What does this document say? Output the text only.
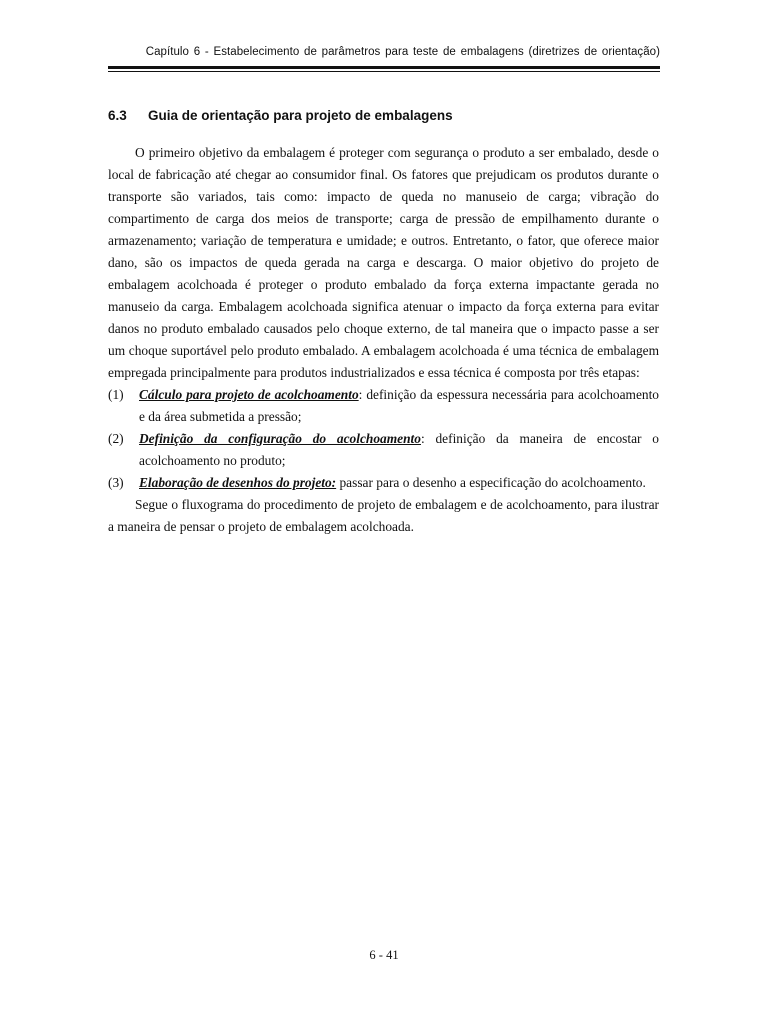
Capítulo 6 - Estabelecimento de parâmetros para teste de embalagens (diretrizes de orientação)
6.3 Guia de orientação para projeto de embalagens

O primeiro objetivo da embalagem é proteger com segurança o produto a ser embalado, desde o local de fabricação até chegar ao consumidor final. Os fatores que prejudicam os produtos durante o transporte são variados, tais como: impacto de queda no manuseio de carga; vibração do compartimento de carga dos meios de transporte; carga de pressão de empilhamento durante o armazenamento; variação de temperatura e umidade; e outros. Entretanto, o fator, que oferece maior dano, são os impactos de queda gerada na carga e descarga. O maior objetivo do projeto de embalagem acolchoada é proteger o produto embalado da força externa impactante gerada no manuseio da carga. Embalagem acolchoada significa atenuar o impacto da força externa para evitar danos no produto embalado causados pelo choque externo, de tal maneira que o impacto passe a ser um choque suportável pelo produto embalado. A embalagem acolchoada é uma técnica de embalagem empregada principalmente para produtos industrializados e essa técnica é composta por três etapas:

(1) Cálculo para projeto de acolchoamento: definição da espessura necessária para acolchoamento e da área submetida a pressão;
(2) Definição da configuração do acolchoamento: definição da maneira de encostar o acolchoamento no produto;
(3) Elaboração de desenhos do projeto: passar para o desenho a especificação do acolchoamento.

Segue o fluxograma do procedimento de projeto de embalagem e de acolchoamento, para ilustrar a maneira de pensar o projeto de embalagem acolchoada.

6 - 41
